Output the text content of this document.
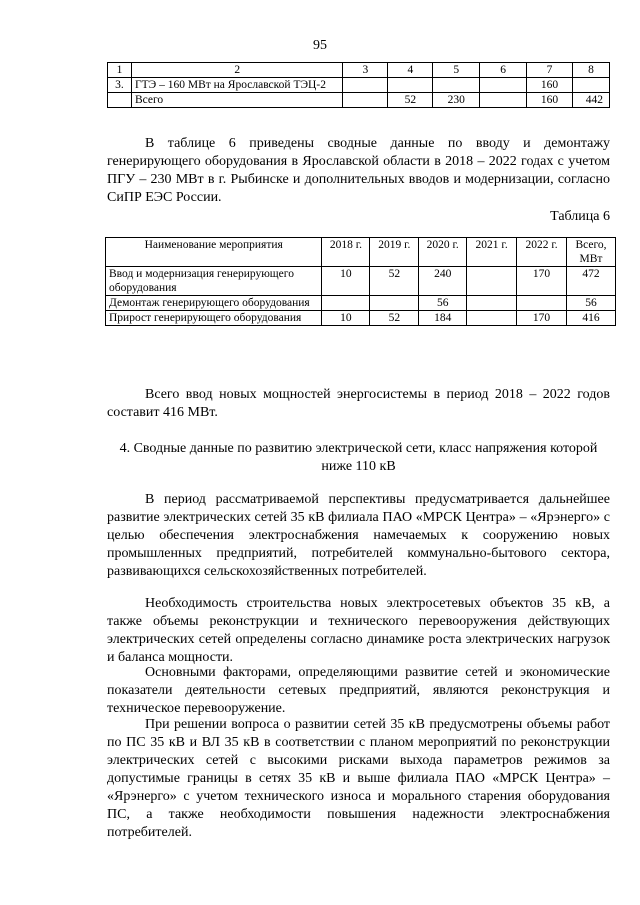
95
1	2	3	4	5	6	7	8
3.	ГТЭ – 160 МВт на Ярославской ТЭЦ-2					160	
	Всего		52	230		160	442

В таблице 6 приведены сводные данные по вводу и демонтажу генерирующего оборудования в Ярославской области в 2018 – 2022 годах с учетом ПГУ – 230 МВт в г. Рыбинске и дополнительных вводов и модернизации, согласно СиПР ЕЭС России.

Таблица 6
Наименование мероприятия	2018 г.	2019 г.	2020 г.	2021 г.	2022 г.	Всего, МВт
Ввод и модернизация генерирующего оборудования	10	52	240		170	472
Демонтаж генерирующего оборудования			56			56
Прирост генерирующего оборудования	10	52	184		170	416

Всего ввод новых мощностей энергосистемы в период 2018 – 2022 годов составит 416 МВт.

4. Сводные данные по развитию электрической сети, класс напряжения которой ниже 110 кВ

В период рассматриваемой перспективы предусматривается дальнейшее развитие электрических сетей 35 кВ филиала ПАО «МРСК Центра» – «Ярэнерго» с целью обеспечения электроснабжения намечаемых к сооружению новых промышленных предприятий, потребителей коммунально-бытового сектора, развивающихся сельскохозяйственных потребителей.

Необходимость строительства новых электросетевых объектов 35 кВ, а также объемы реконструкции и технического перевооружения действующих электрических сетей определены согласно динамике роста электрических нагрузок и баланса мощности.

Основными факторами, определяющими развитие сетей и экономические показатели деятельности сетевых предприятий, являются реконструкция и техническое перевооружение.

При решении вопроса о развитии сетей 35 кВ предусмотрены объемы работ по ПС 35 кВ и ВЛ 35 кВ в соответствии с планом мероприятий по реконструкции электрических сетей с высокими рисками выхода параметров режимов за допустимые границы в сетях 35 кВ и выше филиала ПАО «МРСК Центра» – «Ярэнерго» с учетом технического износа и морального старения оборудования ПС, а также необходимости повышения надежности электроснабжения потребителей.
